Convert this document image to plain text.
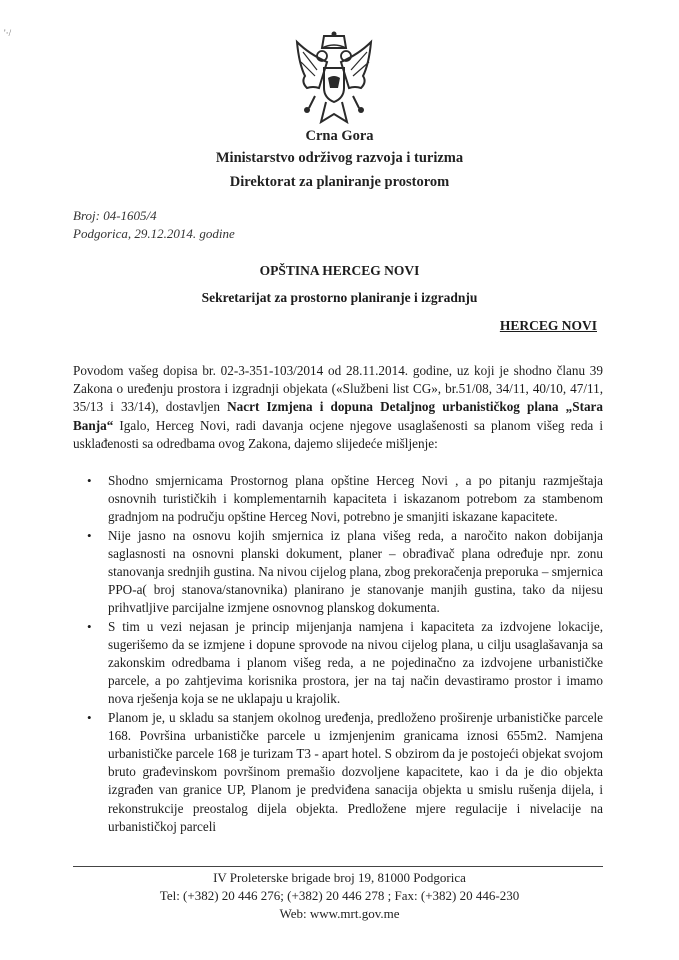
'·/
Crna Gora
Ministarstvo održivog razvoja i turizma
Direktorat za planiranje prostorom
Broj: 04-1605/4
Podgorica, 29.12.2014. godine
OPŠTINA HERCEG NOVI
Sekretarijat za prostorno planiranje i izgradnju
HERCEG NOVI

Povodom vašeg dopisa br. 02-3-351-103/2014 od 28.11.2014. godine, uz koji je shodno članu 39 Zakona o uređenju prostora i izgradnji objekata («Službeni list CG», br.51/08, 34/11, 40/10, 47/11, 35/13 i 33/14), dostavljen Nacrt Izmjena i dopuna Detaljnog urbanističkog plana „Stara Banja“ Igalo, Herceg Novi, radi davanja ocjene njegove usaglašenosti sa planom višeg reda i usklađenosti sa odredbama ovog Zakona, dajemo slijedeće mišljenje:

• Shodno smjernicama Prostornog plana opštine Herceg Novi , a po pitanju razmještaja osnovnih turističkih i komplementarnih kapaciteta i iskazanom potrebom za stambenom gradnjom na području opštine Herceg Novi, potrebno je smanjiti iskazane kapacitete.
• Nije jasno na osnovu kojih smjernica iz plana višeg reda, a naročito nakon dobijanja saglasnosti na osnovni planski dokument, planer – obrađivač plana određuje npr. zonu stanovanja srednjih gustina. Na nivou cijelog plana, zbog prekoračenja preporuka – smjernica PPO-a( broj stanova/stanovnika) planirano je stanovanje manjih gustina, tako da nijesu prihvatljive parcijalne izmjene osnovnog planskog dokumenta.
• S tim u vezi nejasan je princip mijenjanja namjena i kapaciteta za izdvojene lokacije, sugerišemo da se izmjene i dopune sprovode na nivou cijelog plana, u cilju usaglašavanja sa zakonskim odredbama i planom višeg reda, a ne pojedinačno za izdvojene urbanističke parcele, a po zahtjevima korisnika prostora, jer na taj način devastiramo prostor i imamo nova rješenja koja se ne uklapaju u krajolik.
• Planom je, u skladu sa stanjem okolnog uređenja, predloženo proširenje urbanističke parcele 168. Površina urbanističke parcele u izmjenjenim granicama iznosi 655m2. Namjena urbanističke parcele 168 je turizam T3 - apart hotel. S obzirom da je postojeći objekat svojom bruto građevinskom površinom premašio dozvoljene kapacitete, kao i da je dio objekta izgrađen van granice UP, Planom je predviđena sanacija objekta u smislu rušenja dijela, i rekonstrukcije preostalog dijela objekta. Predložene mjere regulacije i nivelacije na urbanističkoj parceli
IV Proleterske brigade broj 19, 81000 Podgorica
Tel: (+382) 20 446 276; (+382) 20 446 278 ; Fax: (+382) 20 446-230
Web: www.mrt.gov.me
